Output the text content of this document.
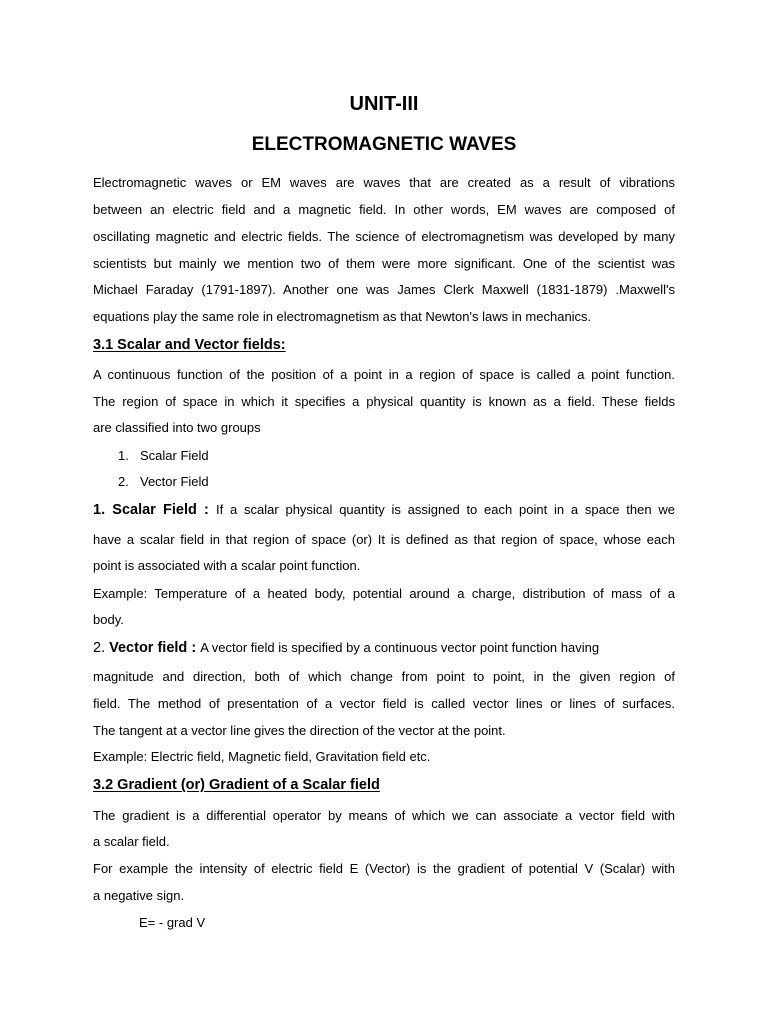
UNIT-III
ELECTROMAGNETIC WAVES
Electromagnetic waves or EM waves are waves that are created as a result of vibrations
between an electric field and a magnetic field. In other words, EM waves are composed of
oscillating magnetic and electric fields. The science of electromagnetism was developed by many
scientists but mainly we mention two of them were more significant. One of the scientist was
Michael Faraday (1791-1897). Another one was James Clerk Maxwell (1831-1879) .Maxwell's
equations play the same role in electromagnetism as that Newton's laws in mechanics.
3.1 Scalar and Vector fields:
A continuous function of the position of a point in a region of space is called a point function.
The region of space in which it specifies a physical quantity is known as a field. These fields
are classified into two groups
1. Scalar Field
2. Vector Field
1. Scalar Field : If a scalar physical quantity is assigned to each point in a space then we
have a scalar field in that region of space (or) It is defined as that region of space, whose each
point is associated with a scalar point function.
Example: Temperature of a heated body, potential around a charge, distribution of mass of a
body.
2. Vector field : A vector field is specified by a continuous vector point function having
magnitude and direction, both of which change from point to point, in the given region of
field. The method of presentation of a vector field is called vector lines or lines of surfaces.
The tangent at a vector line gives the direction of the vector at the point.
Example: Electric field, Magnetic field, Gravitation field etc.
3.2 Gradient (or) Gradient of a Scalar field
The gradient is a differential operator by means of which we can associate a vector field with
a scalar field.
For example the intensity of electric field E (Vector) is the gradient of potential V (Scalar) with
a negative sign.
E= - grad V
